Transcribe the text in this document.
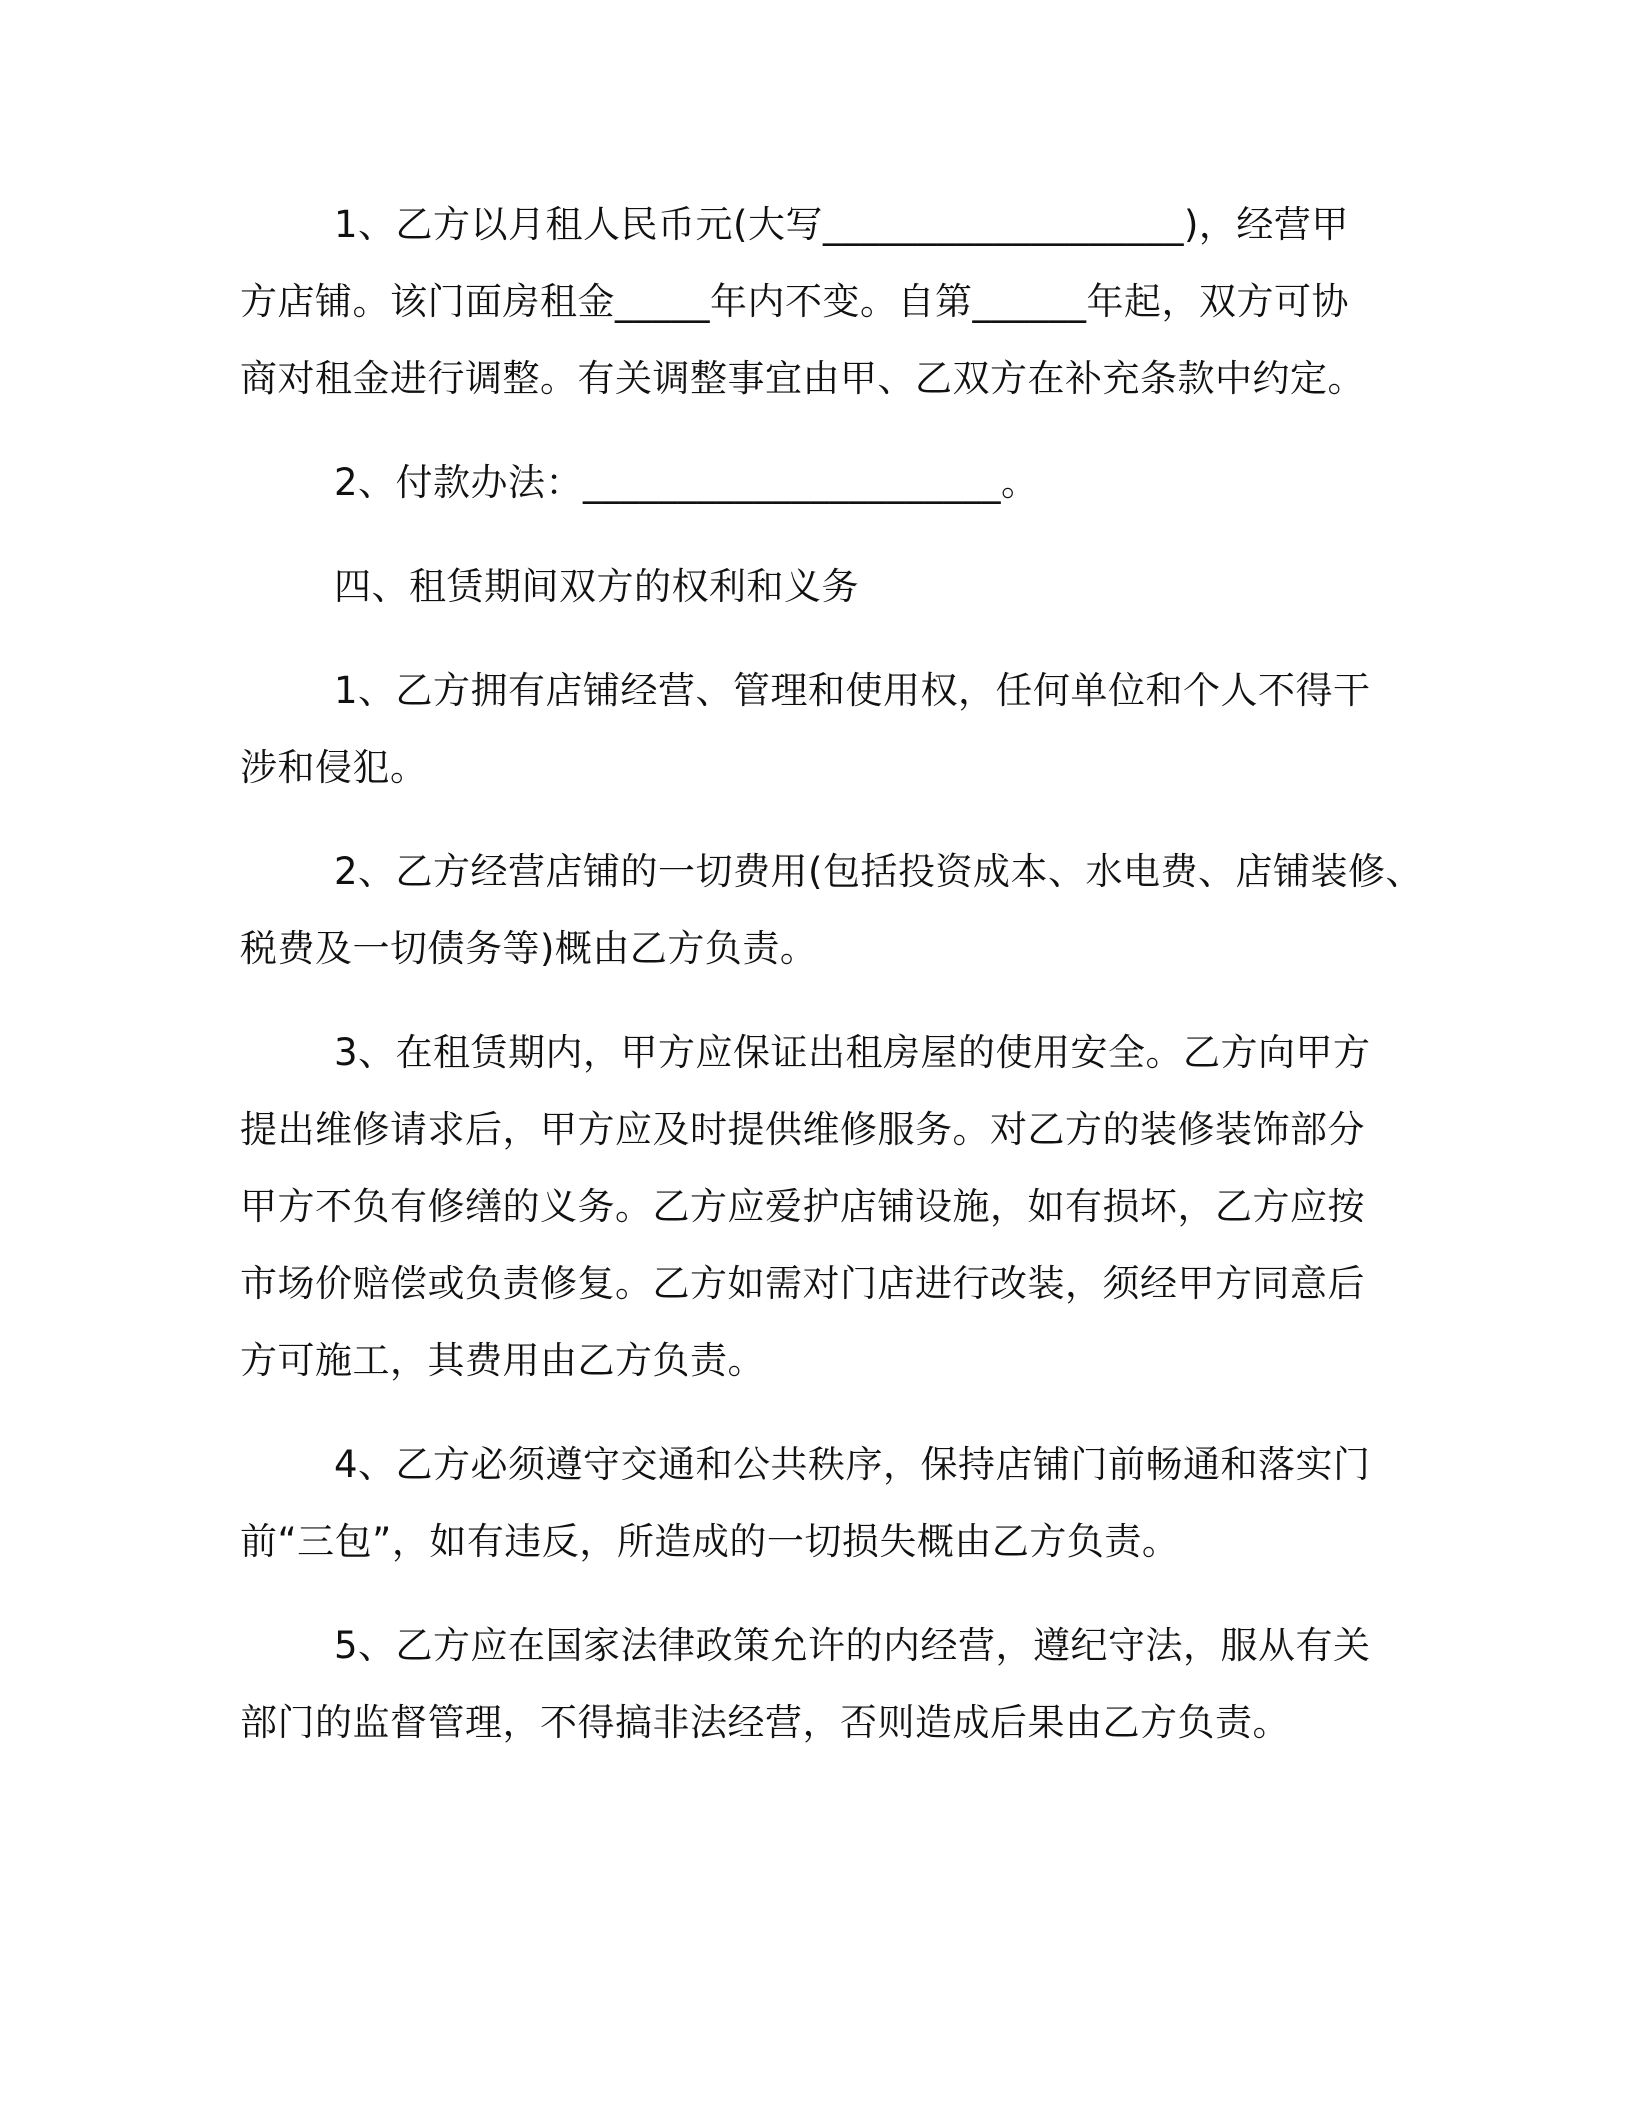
1、乙方以月租人民币元(大写___________________)，经营甲
方店铺。该门面房租金_____年内不变。自第______年起，双方可协
商对租金进行调整。有关调整事宜由甲、乙双方在补充条款中约定。
2、付款办法：______________________。
四、租赁期间双方的权利和义务
1、乙方拥有店铺经营、管理和使用权，任何单位和个人不得干
涉和侵犯。
2、乙方经营店铺的一切费用(包括投资成本、水电费、店铺装修、
税费及一切债务等)概由乙方负责。
3、在租赁期内，甲方应保证出租房屋的使用安全。乙方向甲方
提出维修请求后，甲方应及时提供维修服务。对乙方的装修装饰部分
甲方不负有修缮的义务。乙方应爱护店铺设施，如有损坏，乙方应按
市场价赔偿或负责修复。乙方如需对门店进行改装，须经甲方同意后
方可施工，其费用由乙方负责。
4、乙方必须遵守交通和公共秩序，保持店铺门前畅通和落实门
前“三包”，如有违反，所造成的一切损失概由乙方负责。
5、乙方应在国家法律政策允许的内经营，遵纪守法，服从有关
部门的监督管理，不得搞非法经营，否则造成后果由乙方负责。
